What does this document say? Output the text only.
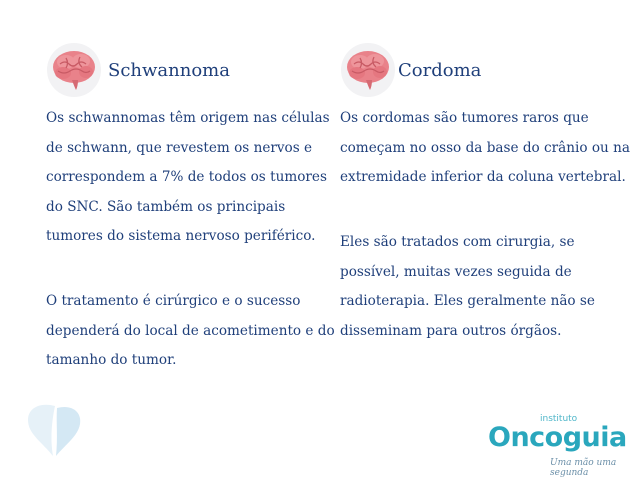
Schwannoma

Os schwannomas têm origem nas células de schwann, que revestem os nervos e correspondem a 7% de todos os tumores do SNC. São também os principais tumores do sistema nervoso periférico.

O tratamento é cirúrgico e o sucesso dependerá do local de acometimento e do tamanho do tumor.

Cordoma

Os cordomas são tumores raros que começam no osso da base do crânio ou na extremidade inferior da coluna vertebral.

Eles são tratados com cirurgia, se possível, muitas vezes seguida de radioterapia. Eles geralmente não se disseminam para outros órgãos.

instituto
Oncoguia
Uma mão uma segunda
